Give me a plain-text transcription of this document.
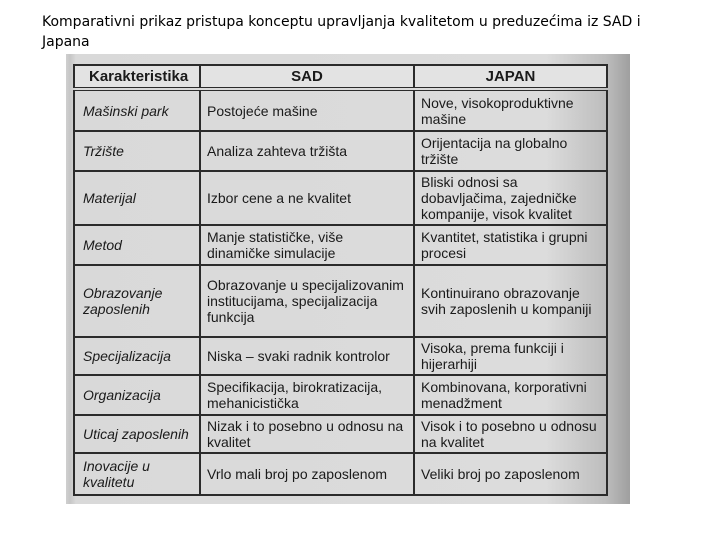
Komparativni prikaz pristupa konceptu upravljanja kvalitetom u preduzećima iz SAD i Japana
Karakteristika	SAD	JAPAN
Mašinski park	Postojeće mašine	Nove, visokoproduktivne mašine
Tržište	Analiza zahteva tržišta	Orijentacija na globalno tržište
Materijal	Izbor cene a ne kvalitet	Bliski odnosi sa dobavljačima, zajedničke kompanije, visok kvalitet
Metod	Manje statističke, više dinamičke simulacije	Kvantitet, statistika i grupni procesi
Obrazovanje zaposlenih	Obrazovanje u specijalizovanim institucijama, specijalizacija funkcija	Kontinuirano obrazovanje svih zaposlenih u kompaniji
Specijalizacija	Niska – svaki radnik kontrolor	Visoka, prema funkciji i hijerarhiji
Organizacija	Specifikacija, birokratizacija, mehanicistička	Kombinovana, korporativni menadžment
Uticaj zaposlenih	Nizak i to posebno u odnosu na kvalitet	Visok i to posebno u odnosu na kvalitet
Inovacije u kvalitetu	Vrlo mali broj po zaposlenom	Veliki broj po zaposlenom
